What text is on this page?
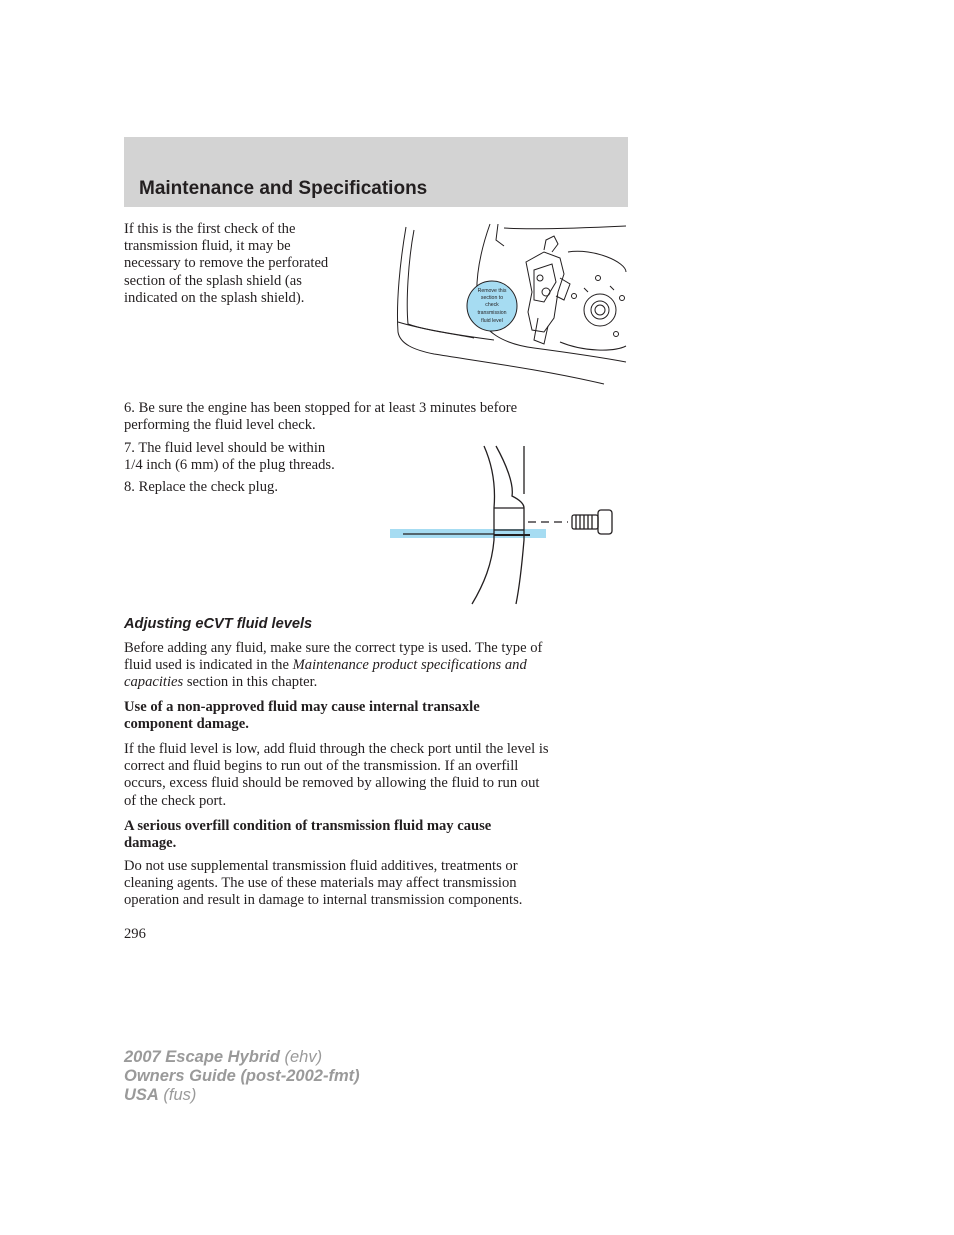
Maintenance and Specifications

If this is the first check of the
transmission fluid, it may be
necessary to remove the perforated
section of the splash shield (as
indicated on the splash shield).	Remove this
section to
check
transmission
fluid level

6. Be sure the engine has been stopped for at least 3 minutes before
performing the fluid level check.

7. The fluid level should be within
1/4 inch (6 mm) of the plug threads.

8. Replace the check plug.

Adjusting eCVT fluid levels

Before adding any fluid, make sure the correct type is used. The type of
fluid used is indicated in the Maintenance product specifications and
capacities section in this chapter.

Use of a non-approved fluid may cause internal transaxle
component damage.

If the fluid level is low, add fluid through the check port until the level is
correct and fluid begins to run out of the transmission. If an overfill
occurs, excess fluid should be removed by allowing the fluid to run out
of the check port.

A serious overfill condition of transmission fluid may cause
damage.

Do not use supplemental transmission fluid additives, treatments or
cleaning agents. The use of these materials may affect transmission
operation and result in damage to internal transmission components.

296
2007 Escape Hybrid (ehv)
Owners Guide (post-2002-fmt)
USA (fus)
